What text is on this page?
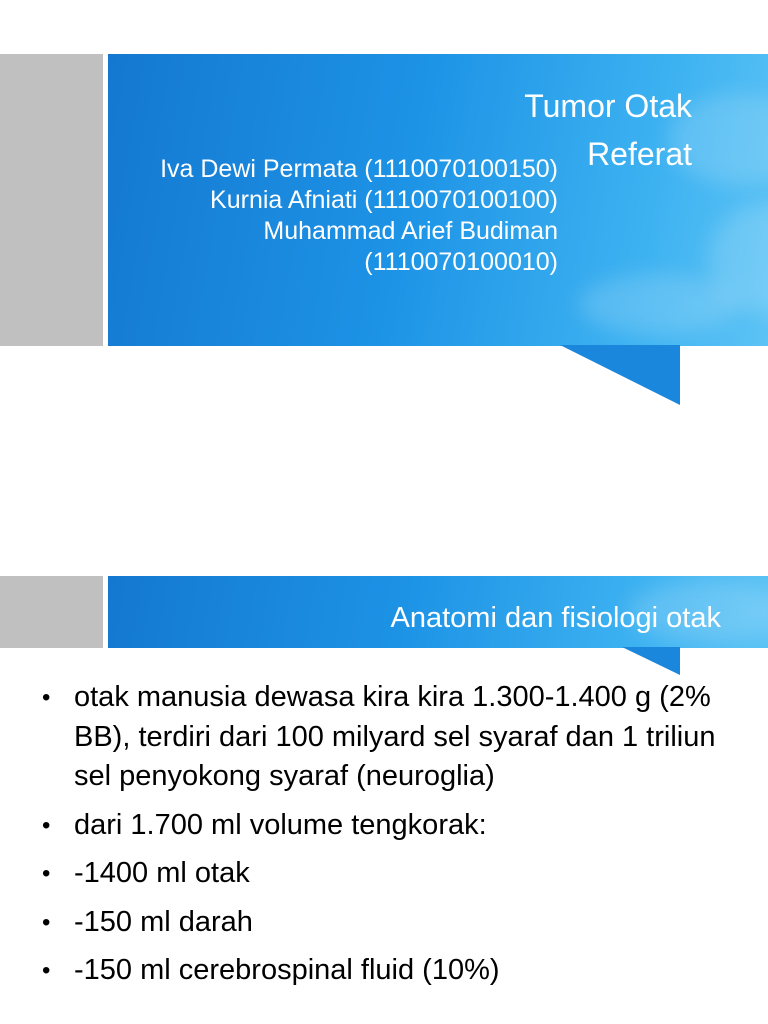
Tumor Otak
Referat
Iva Dewi Permata (1110070100150)
Kurnia Afniati (1110070100100)
Muhammad Arief Budiman
(1110070100010)
Anatomi dan fisiologi otak
• otak manusia dewasa kira kira 1.300-1.400 g (2% BB), terdiri dari 100 milyard sel syaraf dan 1 triliun sel penyokong syaraf (neuroglia)
• dari 1.700 ml volume tengkorak:
• -1400 ml otak
• -150 ml darah
• -150 ml cerebrospinal fluid (10%)
